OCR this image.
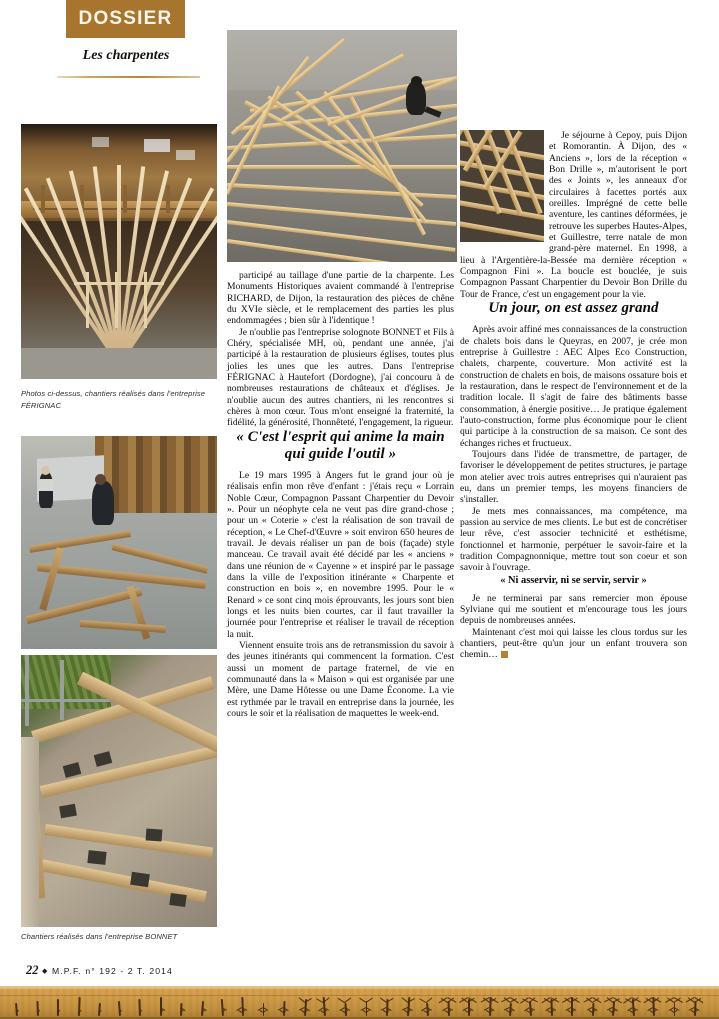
DOSSIER
Les charpentes
Photos ci-dessus, chantiers réalisés dans l'entreprise FÉRIGNAC
Chantiers réalisés dans l'entreprise BONNET

participé au taillage d'une partie de la charpente. Les Monuments Historiques avaient commandé à l'entreprise RICHARD, de Dijon, la restauration des pièces de chêne du XVIe siècle, et le remplacement des parties les plus endommagées ; bien sûr à l'identique !

Je n'oublie pas l'entreprise solognote BONNET et Fils à Chéry, spécialisée MH, où, pendant une année, j'ai participé à la restauration de plusieurs églises, toutes plus jolies les unes que les autres. Dans l'entreprise FÉRIGNAC à Hautefort (Dordogne), j'ai concouru à de nombreuses restaurations de châteaux et d'églises. Je n'oublie aucun des autres chantiers, ni les rencontres si chères à mon cœur. Tous m'ont enseigné la fraternité, la fidélité, la générosité, l'honnêteté, l'engagement, la rigueur.

« C'est l'esprit qui anime la main qui guide l'outil »

Le 19 mars 1995 à Angers fut le grand jour où je réalisais enfin mon rêve d'enfant : j'étais reçu « Lorrain Noble Cœur, Compagnon Passant Charpentier du Devoir ». Pour un néophyte cela ne veut pas dire grand-chose ; pour un « Coterie » c'est la réalisation de son travail de réception, « Le Chef-d'Œuvre » soit environ 650 heures de travail. Je devais réaliser un pan de bois (façade) style manceau. Ce travail avait été décidé par les « anciens » dans une réunion de « Cayenne » et inspiré par le passage dans la ville de l'exposition itinérante « Charpente et construction en bois », en novembre 1995. Pour le « Renard » ce sont cinq mois éprouvants, les jours sont bien longs et les nuits bien courtes, car il faut travailler la journée pour l'entreprise et réaliser le travail de réception la nuit.

Viennent ensuite trois ans de retransmission du savoir à des jeunes itinérants qui commencent la formation. C'est aussi un moment de partage fraternel, de vie en communauté dans la « Maison » qui est organisée par une Mère, une Dame Hôtesse ou une Dame Économe. La vie est rythmée par le travail en entreprise dans la journée, les cours le soir et la réalisation de maquettes le week-end.

Je séjourne à Cepoy, puis Dijon et Romorantin. À Dijon, des « Anciens », lors de la réception « Bon Drille », m'autorisent le port des « Joints », les anneaux d'or circulaires à facettes portés aux oreilles. Imprégné de cette belle aventure, les cantines déformées, je retrouve les superbes Hautes-Alpes, et Guillestre, terre natale de mon grand-père maternel. En 1998, a lieu à l'Argentière-la-Bessée ma dernière réception « Compagnon Fini ». La boucle est bouclée, je suis Compagnon Passant Charpentier du Devoir Bon Drille du Tour de France, c'est un engagement pour la vie.

Un jour, on est assez grand

Après avoir affiné mes connaissances de la construction de chalets bois dans le Queyras, en 2007, je crée mon entreprise à Guillestre : AEC Alpes Eco Construction, chalets, charpente, couverture. Mon activité est la construction de chalets en bois, de maisons ossature bois et la restauration, dans le respect de l'environnement et de la tradition locale. Il s'agit de faire des bâtiments basse consommation, à énergie positive… Je pratique également l'auto-construction, forme plus économique pour le client qui participe à la construction de sa maison. Ce sont des échanges riches et fructueux.

Toujours dans l'idée de transmettre, de partager, de favoriser le développement de petites structures, je partage mon atelier avec trois autres entreprises qui n'auraient pas eu, dans un premier temps, les moyens financiers de s'installer.

Je mets mes connaissances, ma compétence, ma passion au service de mes clients. Le but est de concrétiser leur rêve, c'est associer technicité et esthétisme, fonctionnel et harmonie, perpétuer le savoir-faire et la tradition Compagnonnique, mettre tout son coeur et son savoir à l'ouvrage.

« Ni asservir, ni se servir, servir »

Je ne terminerai par sans remercier mon épouse Sylviane qui me soutient et m'encourage tous les jours depuis de nombreuses années.

Maintenant c'est moi qui laisse les clous tordus sur les chantiers, peut-être qu'un jour un enfant trouvera son chemin…

22 ◆ M.P.F. n° 192 - 2 T. 2014
